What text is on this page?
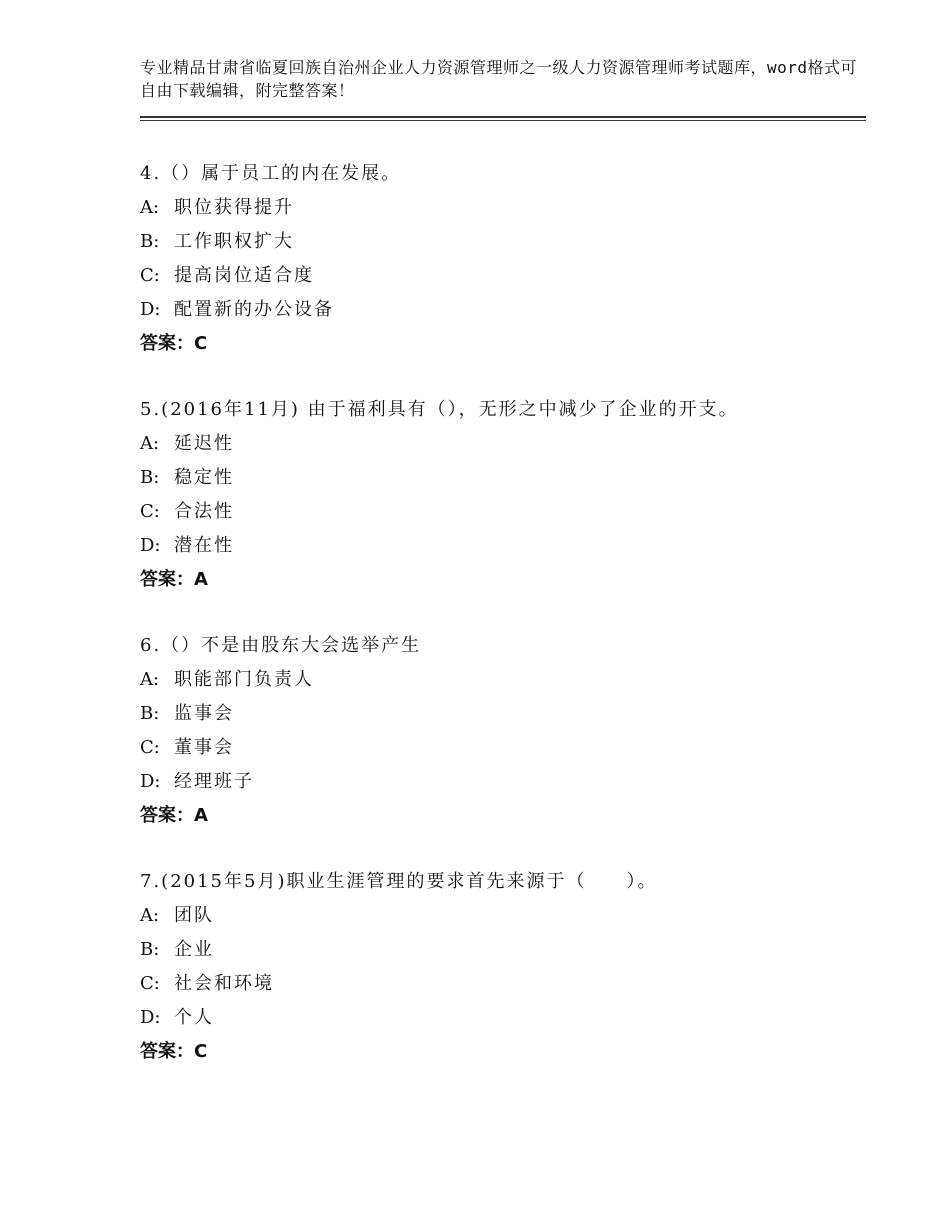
专业精品甘肃省临夏回族自治州企业人力资源管理师之一级人力资源管理师考试题库，word格式可自由下载编辑，附完整答案！

4.（）属于员工的内在发展。
A: 职位获得提升
B: 工作职权扩大
C: 提高岗位适合度
D: 配置新的办公设备
答案：C
5.(2016年11月) 由于福利具有（），无形之中减少了企业的开支。
A: 延迟性
B: 稳定性
C: 合法性
D: 潜在性
答案：A
6.（）不是由股东大会选举产生
A: 职能部门负责人
B: 监事会
C: 董事会
D: 经理班子
答案：A
7.(2015年5月)职业生涯管理的要求首先来源于（　　）。
A: 团队
B: 企业
C: 社会和环境
D: 个人
答案：C
